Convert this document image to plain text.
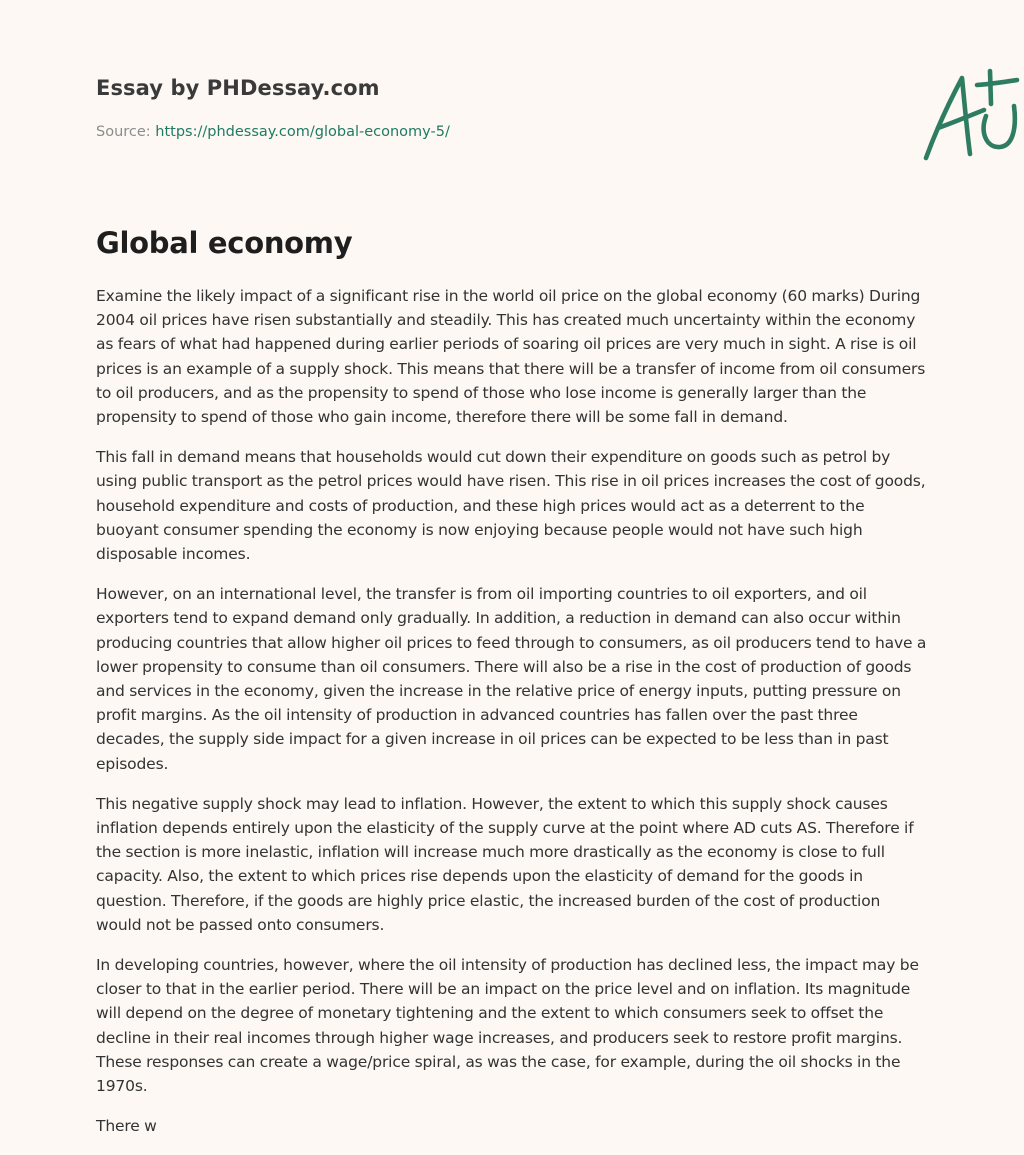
Essay by PHDessay.com
Source: https://phdessay.com/global-economy-5/
Global economy

Examine the likely impact of a significant rise in the world oil price on the global economy (60 marks) During 2004 oil prices have risen substantially and steadily. This has created much uncertainty within the economy as fears of what had happened during earlier periods of soaring oil prices are very much in sight. A rise is oil prices is an example of a supply shock. This means that there will be a transfer of income from oil consumers to oil producers, and as the propensity to spend of those who lose income is generally larger than the propensity to spend of those who gain income, therefore there will be some fall in demand.

This fall in demand means that households would cut down their expenditure on goods such as petrol by using public transport as the petrol prices would have risen. This rise in oil prices increases the cost of goods, household expenditure and costs of production, and these high prices would act as a deterrent to the buoyant consumer spending the economy is now enjoying because people would not have such high disposable incomes.

However, on an international level, the transfer is from oil importing countries to oil exporters, and oil exporters tend to expand demand only gradually. In addition, a reduction in demand can also occur within producing countries that allow higher oil prices to feed through to consumers, as oil producers tend to have a lower propensity to consume than oil consumers. There will also be a rise in the cost of production of goods and services in the economy, given the increase in the relative price of energy inputs, putting pressure on profit margins. As the oil intensity of production in advanced countries has fallen over the past three decades, the supply side impact for a given increase in oil prices can be expected to be less than in past episodes.

This negative supply shock may lead to inflation. However, the extent to which this supply shock causes inflation depends entirely upon the elasticity of the supply curve at the point where AD cuts AS. Therefore if the section is more inelastic, inflation will increase much more drastically as the economy is close to full capacity. Also, the extent to which prices rise depends upon the elasticity of demand for the goods in question. Therefore, if the goods are highly price elastic, the increased burden of the cost of production would not be passed onto consumers.

In developing countries, however, where the oil intensity of production has declined less, the impact may be closer to that in the earlier period. There will be an impact on the price level and on inflation. Its magnitude will depend on the degree of monetary tightening and the extent to which consumers seek to offset the decline in their real incomes through higher wage increases, and producers seek to restore profit margins. These responses can create a wage/price spiral, as was the case, for example, during the oil shocks in the 1970s.

There w
